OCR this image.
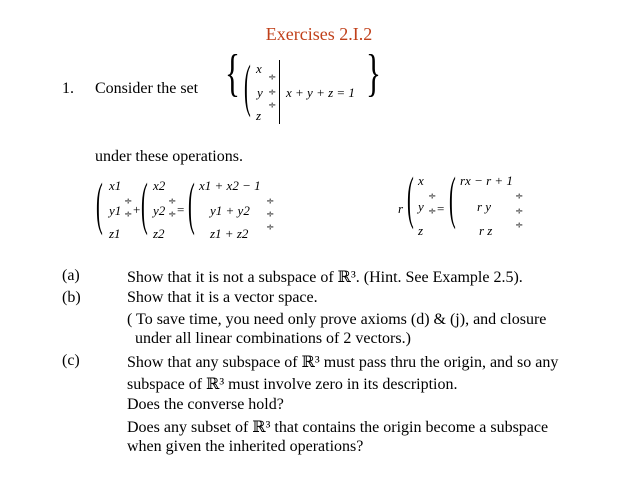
Exercises 2.I.2
1. Consider the set { ( x
y
z
÷
÷
÷
x + y + z = 1 }
under these operations.
( x1
y1
z1
÷
÷ + ( x2
y2
z2
÷
÷ = ( x1 + x2 − 1
y1 + y2
z1 + z2
÷
÷
÷
r ( x
y
z
÷
÷ = ( rx − r + 1
r y
r z
÷
÷
÷
(a)	Show that it is not a subspace of ℝ³. (Hint. See Example 2.5).
(b)	Show that it is a vector space.
( To save time, you need only prove axioms (d) & (j), and closure
under all linear combinations of 2 vectors.)
(c)	Show that any subspace of ℝ³ must pass thru the origin, and so any
subspace of ℝ³ must involve zero in its description.
Does the converse hold?
Does any subset of ℝ³ that contains the origin become a subspace
when given the inherited operations?
